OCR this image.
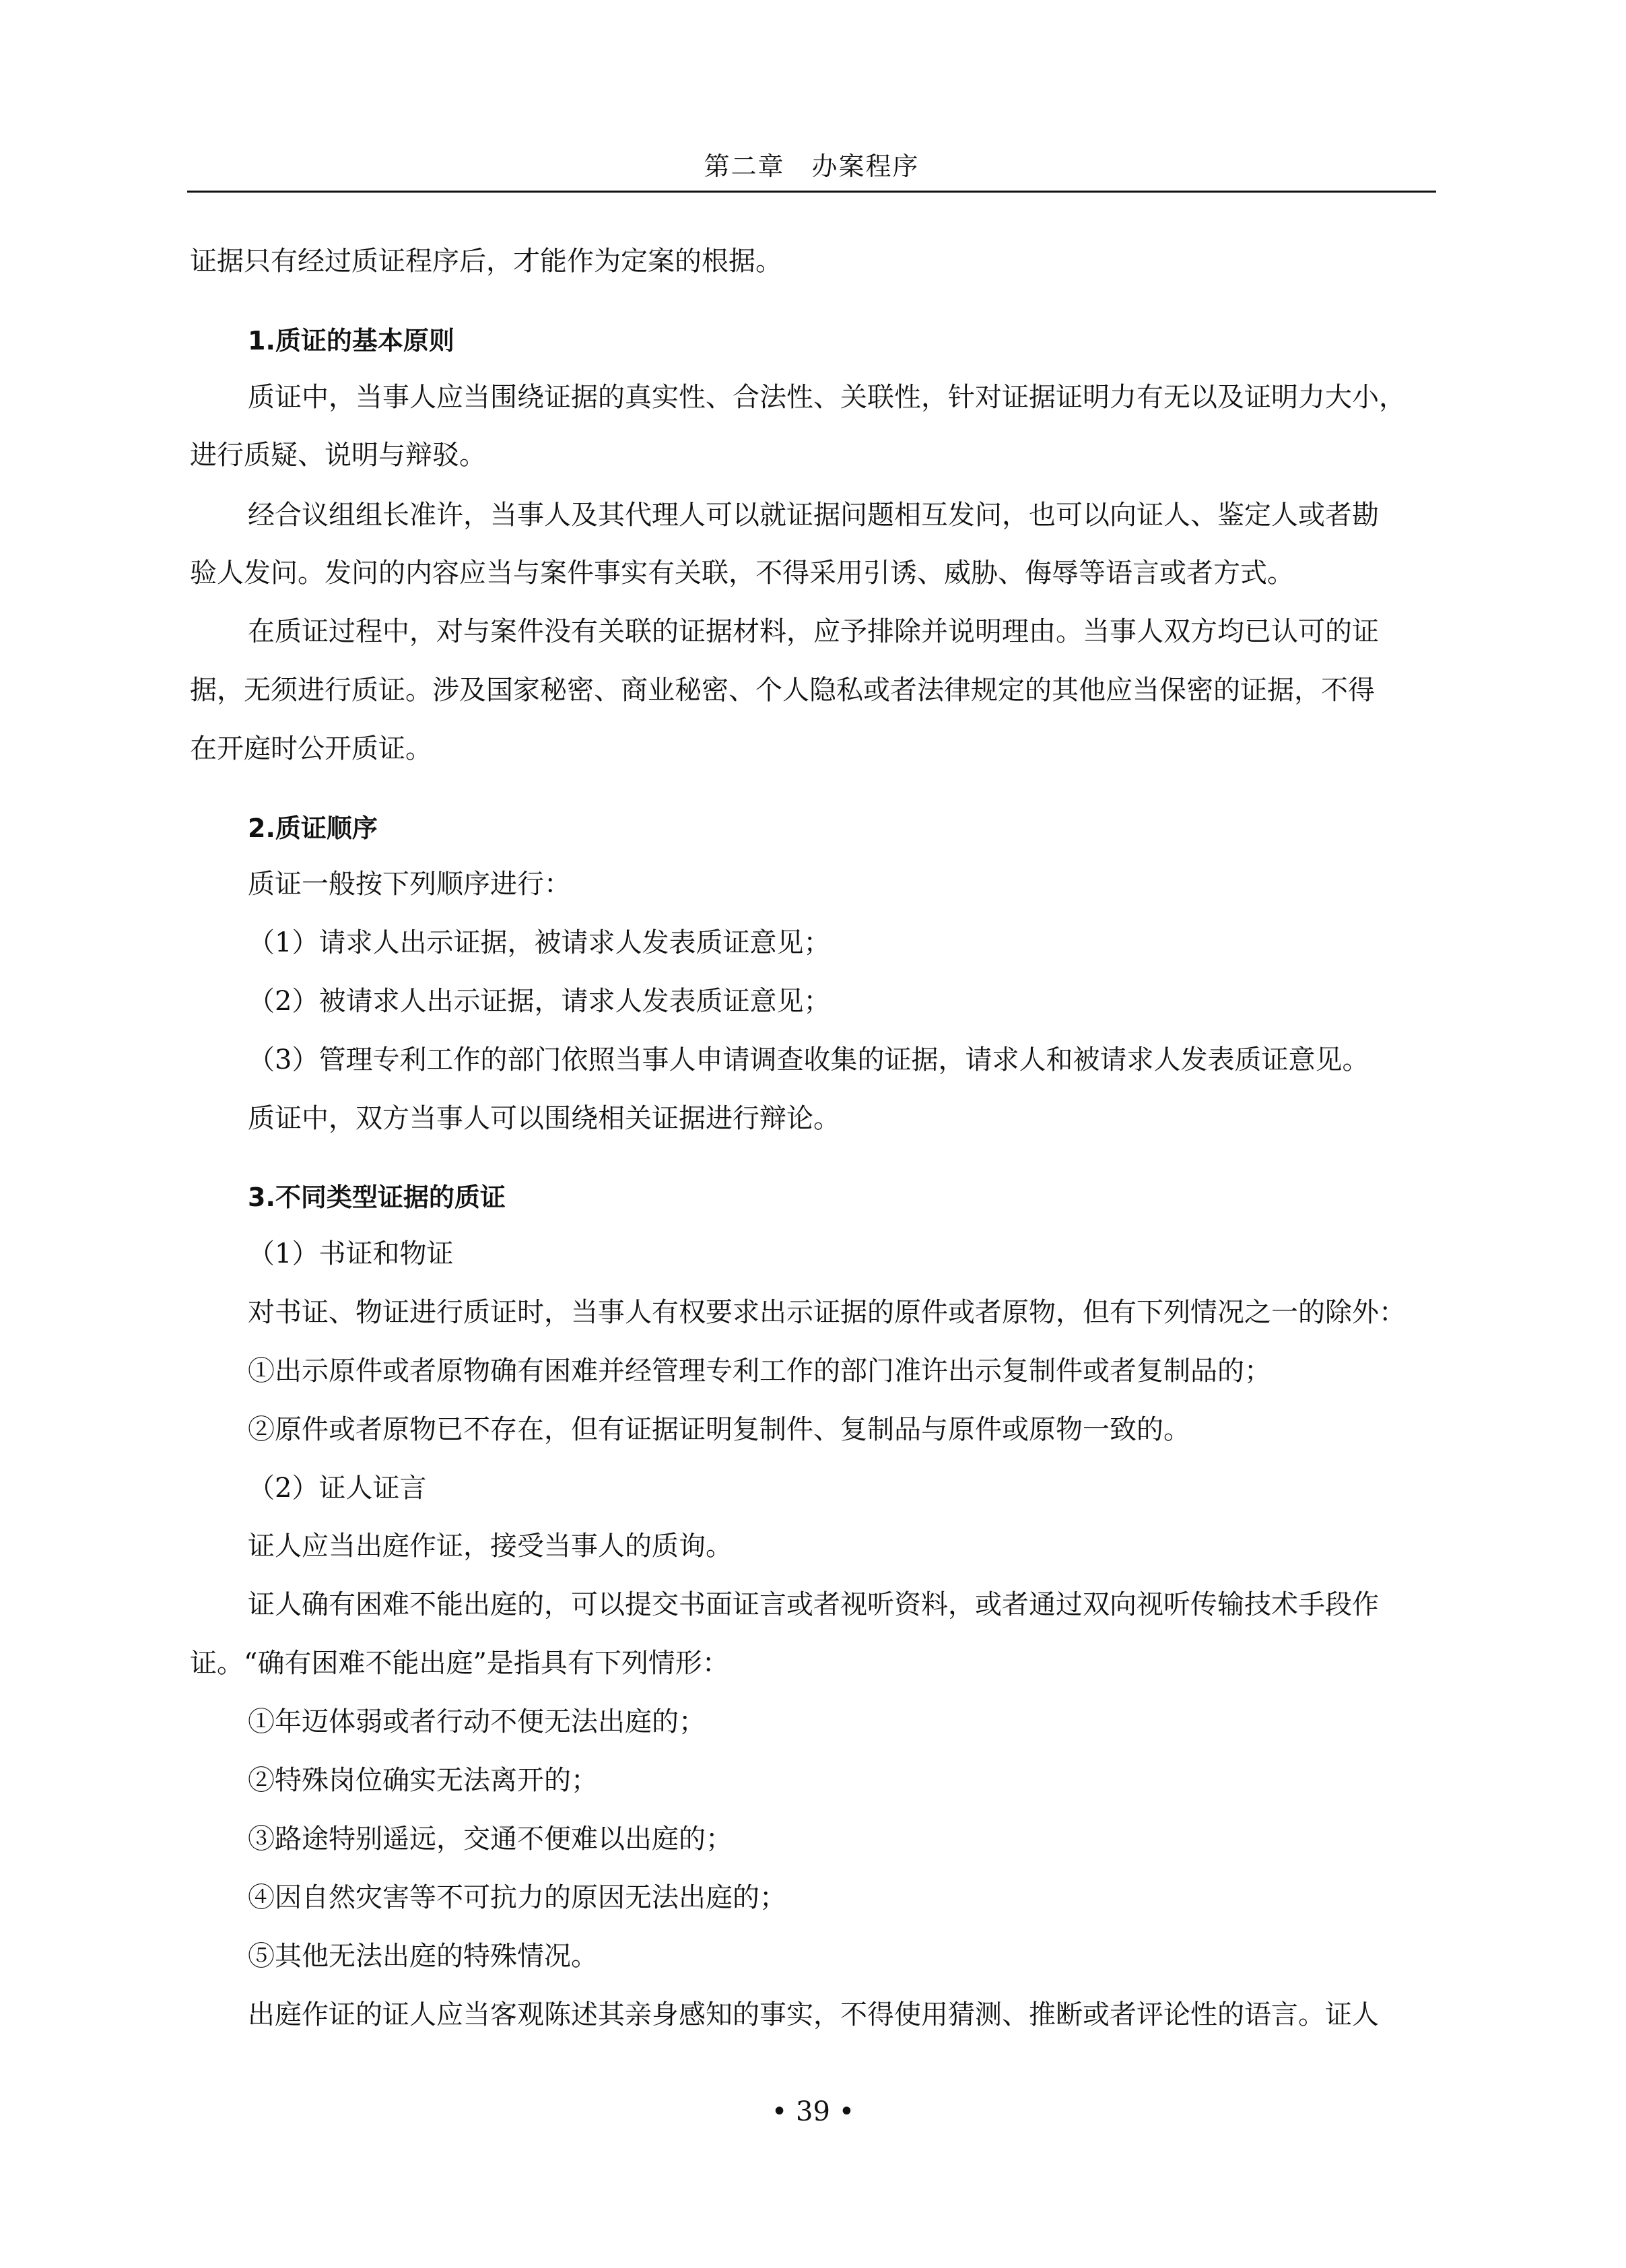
第二章　办案程序
证据只有经过质证程序后，才能作为定案的根据。
1.质证的基本原则
质证中，当事人应当围绕证据的真实性、合法性、关联性，针对证据证明力有无以及证明力大小，
进行质疑、说明与辩驳。
经合议组组长准许，当事人及其代理人可以就证据问题相互发问，也可以向证人、鉴定人或者勘
验人发问。发问的内容应当与案件事实有关联，不得采用引诱、威胁、侮辱等语言或者方式。
在质证过程中，对与案件没有关联的证据材料，应予排除并说明理由。当事人双方均已认可的证
据，无须进行质证。涉及国家秘密、商业秘密、个人隐私或者法律规定的其他应当保密的证据，不得
在开庭时公开质证。
2.质证顺序
质证一般按下列顺序进行：
（1）请求人出示证据，被请求人发表质证意见；
（2）被请求人出示证据，请求人发表质证意见；
（3）管理专利工作的部门依照当事人申请调查收集的证据，请求人和被请求人发表质证意见。
质证中，双方当事人可以围绕相关证据进行辩论。
3.不同类型证据的质证
（1）书证和物证
对书证、物证进行质证时，当事人有权要求出示证据的原件或者原物，但有下列情况之一的除外：
①出示原件或者原物确有困难并经管理专利工作的部门准许出示复制件或者复制品的；
②原件或者原物已不存在，但有证据证明复制件、复制品与原件或原物一致的。
（2）证人证言
证人应当出庭作证，接受当事人的质询。
证人确有困难不能出庭的，可以提交书面证言或者视听资料，或者通过双向视听传输技术手段作
证。“确有困难不能出庭”是指具有下列情形：
①年迈体弱或者行动不便无法出庭的；
②特殊岗位确实无法离开的；
③路途特别遥远，交通不便难以出庭的；
④因自然灾害等不可抗力的原因无法出庭的；
⑤其他无法出庭的特殊情况。
出庭作证的证人应当客观陈述其亲身感知的事实，不得使用猜测、推断或者评论性的语言。证人
• 39 •
